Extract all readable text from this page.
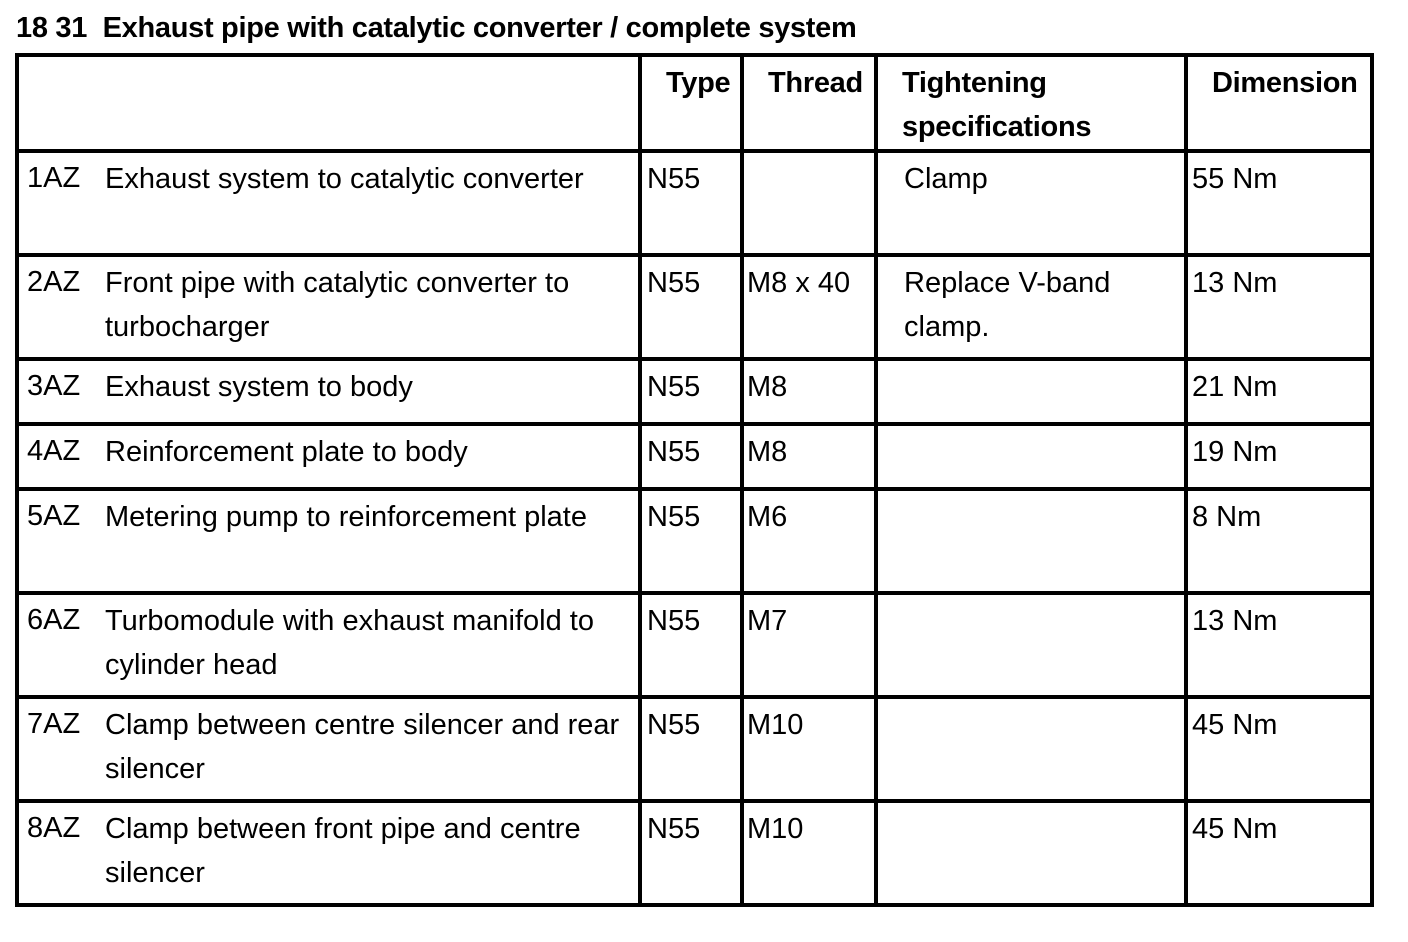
18 31  Exhaust pipe with catalytic converter / complete system
	Type	Thread	Tightening specifications	Dimension

1AZ Exhaust system to catalytic converter	N55		Clamp	55 Nm

2AZ Front pipe with catalytic converter to turbocharger	N55	M8 x 40	Replace V-band clamp.	13 Nm

3AZ Exhaust system to body	N55	M8		21 Nm

4AZ Reinforcement plate to body	N55	M8		19 Nm

5AZ Metering pump to reinforcement plate	N55	M6		8 Nm

6AZ Turbomodule with exhaust manifold to cylinder head	N55	M7		13 Nm

7AZ Clamp between centre silencer and rear silencer	N55	M10		45 Nm

8AZ Clamp between front pipe and centre silencer	N55	M10		45 Nm
